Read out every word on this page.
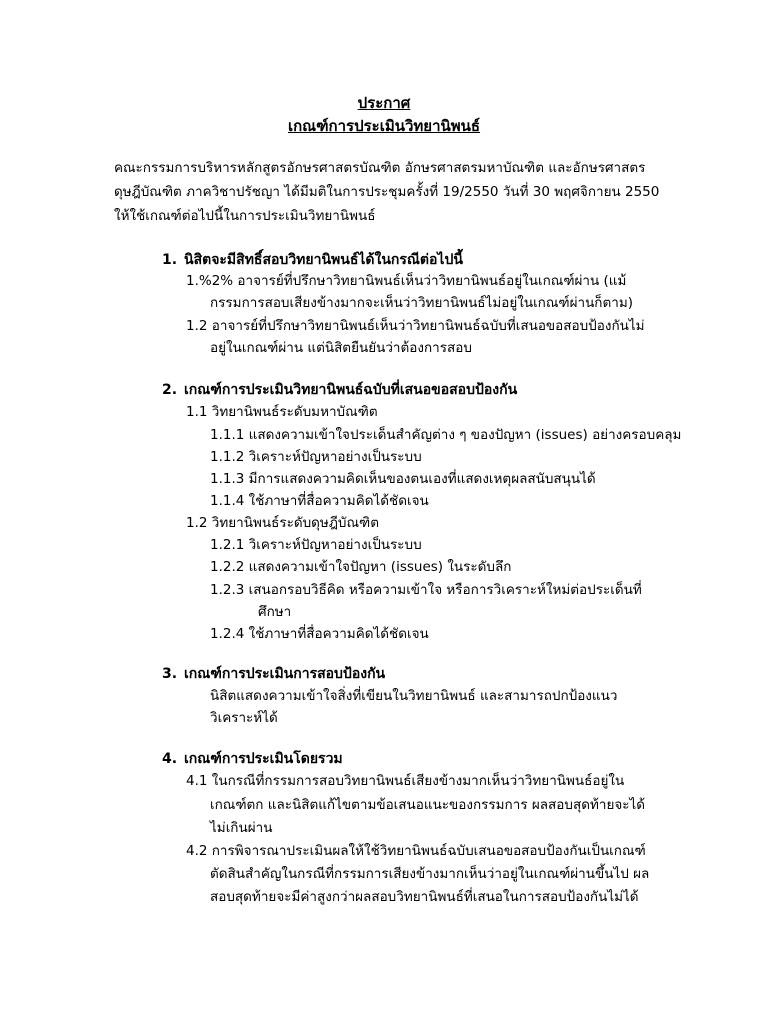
ประกาศ
เกณฑ์การประเมินวิทยานิพนธ์
คณะกรรมการบริหารหลักสูตรอักษรศาสตรบัณฑิต อักษรศาสตรมหาบัณฑิต และอักษรศาสตร
ดุษฎีบัณฑิต ภาควิชาปรัชญา ได้มีมติในการประชุมครั้งที่ 19/2550 วันที่ 30 พฤศจิกายน 2550
ให้ใช้เกณฑ์ต่อไปนี้ในการประเมินวิทยานิพนธ์
1. นิสิตจะมีสิทธิ์สอบวิทยานิพนธ์ได้ในกรณีต่อไปนี้
1.%2% อาจารย์ที่ปรึกษาวิทยานิพนธ์เห็นว่าวิทยานิพนธ์อยู่ในเกณฑ์ผ่าน (แม้
กรรมการสอบเสียงข้างมากจะเห็นว่าวิทยานิพนธ์ไม่อยู่ในเกณฑ์ผ่านก็ตาม)
1.2 อาจารย์ที่ปรึกษาวิทยานิพนธ์เห็นว่าวิทยานิพนธ์ฉบับที่เสนอขอสอบป้องกันไม่
อยู่ในเกณฑ์ผ่าน แต่นิสิตยืนยันว่าต้องการสอบ
2. เกณฑ์การประเมินวิทยานิพนธ์ฉบับที่เสนอขอสอบป้องกัน
1.1 วิทยานิพนธ์ระดับมหาบัณฑิต
1.1.1 แสดงความเข้าใจประเด็นสำคัญต่าง ๆ ของปัญหา (issues) อย่างครอบคลุม
1.1.2 วิเคราะห์ปัญหาอย่างเป็นระบบ
1.1.3 มีการแสดงความคิดเห็นของตนเองที่แสดงเหตุผลสนับสนุนได้
1.1.4 ใช้ภาษาที่สื่อความคิดได้ชัดเจน
1.2 วิทยานิพนธ์ระดับดุษฎีบัณฑิต
1.2.1 วิเคราะห์ปัญหาอย่างเป็นระบบ
1.2.2 แสดงความเข้าใจปัญหา (issues) ในระดับลึก
1.2.3 เสนอกรอบวิธีคิด หรือความเข้าใจ หรือการวิเคราะห์ใหม่ต่อประเด็นที่
ศึกษา
1.2.4 ใช้ภาษาที่สื่อความคิดได้ชัดเจน
3. เกณฑ์การประเมินการสอบป้องกัน
นิสิตแสดงความเข้าใจสิ่งที่เขียนในวิทยานิพนธ์ และสามารถปกป้องแนว
วิเคราะห์ได้
4. เกณฑ์การประเมินโดยรวม
4.1 ในกรณีที่กรรมการสอบวิทยานิพนธ์เสียงข้างมากเห็นว่าวิทยานิพนธ์อยู่ใน
เกณฑ์ตก และนิสิตแก้ไขตามข้อเสนอแนะของกรรมการ ผลสอบสุดท้ายจะได้
ไม่เกินผ่าน
4.2 การพิจารณาประเมินผลให้ใช้วิทยานิพนธ์ฉบับเสนอขอสอบป้องกันเป็นเกณฑ์
ตัดสินสำคัญในกรณีที่กรรมการเสียงข้างมากเห็นว่าอยู่ในเกณฑ์ผ่านขึ้นไป ผล
สอบสุดท้ายจะมีค่าสูงกว่าผลสอบวิทยานิพนธ์ที่เสนอในการสอบป้องกันไม่ได้
